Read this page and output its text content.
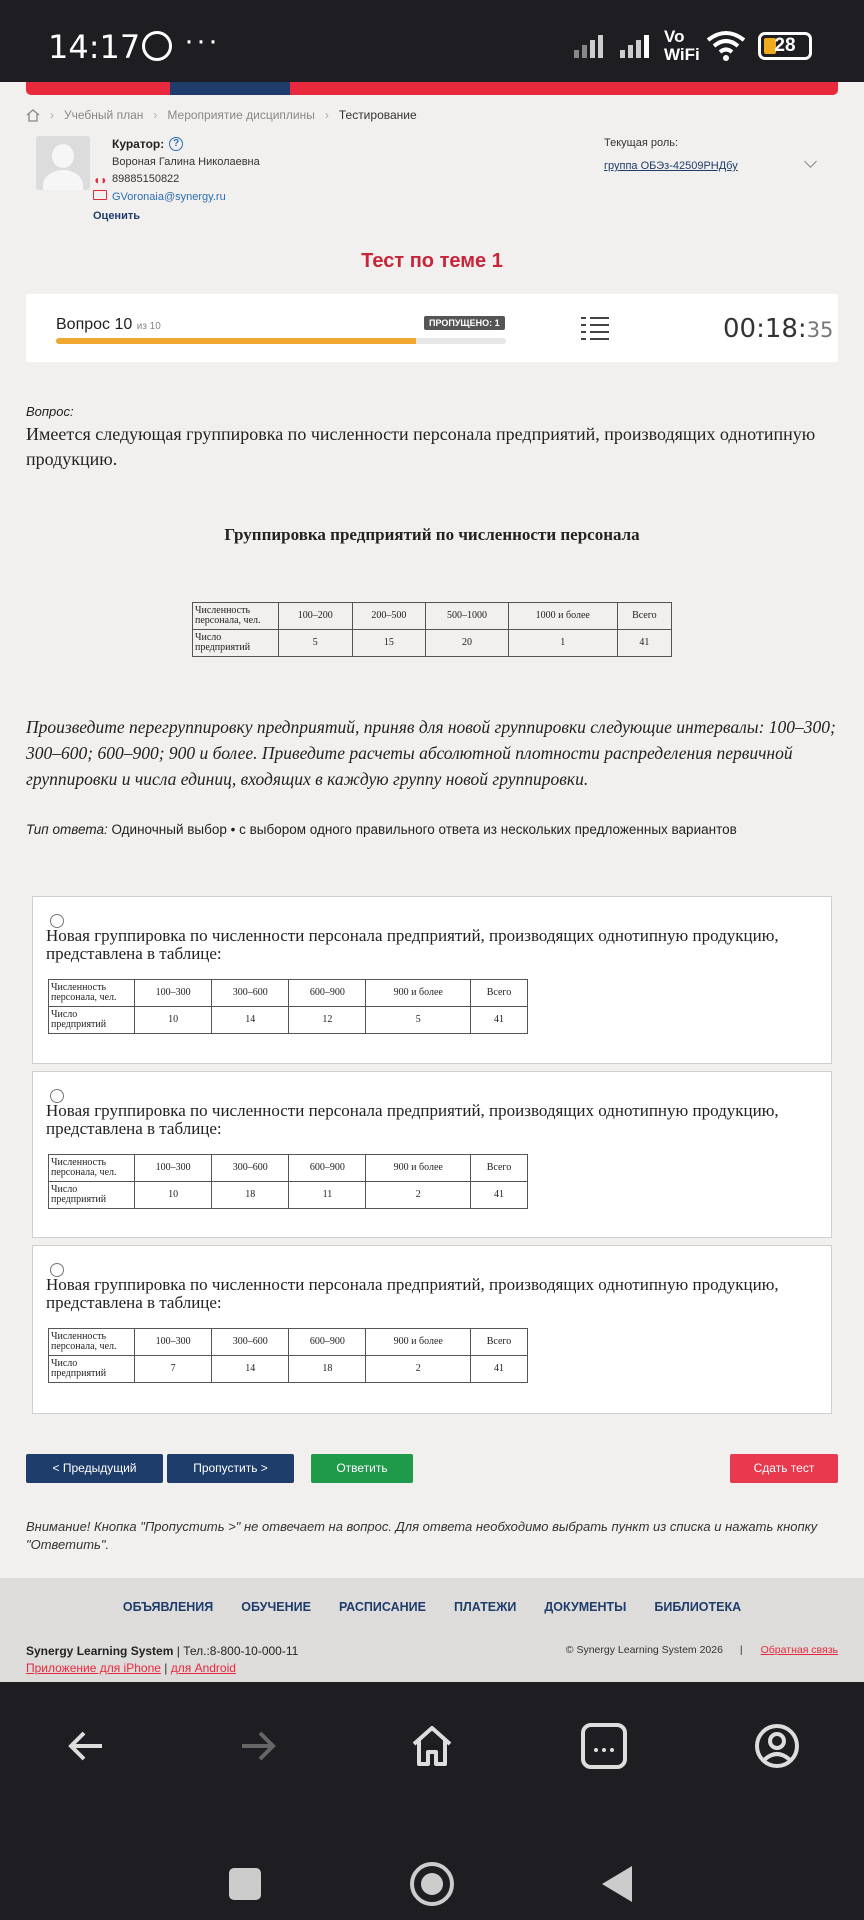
14:17 ···	Vo
WiFi	28
› Учебный план › Мероприятие дисциплины › Тестирование
Куратор: ?
Вороная Галина Николаевна
◖◗ 89885150822
GVoronaia@synergy.ru
Оценить
Текущая роль:
группа ОБЭз-42509РНДбу
Тест по теме 1
Вопрос 10 из 10	ПРОПУЩЕНО: 1	00:18:35
Вопрос:
Имеется следующая группировка по численности персонала предприятий, производящих однотипную продукцию.
Группировка предприятий по численности персонала
Численность персонала, чел.	100–200	200–500	500–1000	1000 и более	Всего
Число предприятий	5	15	20	1	41
Произведите перегруппировку предприятий, приняв для новой группировки следующие интервалы: 100–300; 300–600; 600–900; 900 и более. Приведите расчеты абсолютной плотности распределения первичной группировки и числа единиц, входящих в каждую группу новой группировки.
Тип ответа: Одиночный выбор • с выбором одного правильного ответа из нескольких предложенных вариантов
Новая группировка по численности персонала предприятий, производящих однотипную продукцию, представлена в таблице:
Численность персонала, чел.	100–300	300–600	600–900	900 и более	Всего
Число предприятий	10	14	12	5	41
Новая группировка по численности персонала предприятий, производящих однотипную продукцию, представлена в таблице:
Численность персонала, чел.	100–300	300–600	600–900	900 и более	Всего
Число предприятий	10	18	11	2	41
Новая группировка по численности персонала предприятий, производящих однотипную продукцию, представлена в таблице:
Численность персонала, чел.	100–300	300–600	600–900	900 и более	Всего
Число предприятий	7	14	18	2	41
< Предыдущий	Пропустить >	Ответить	Сдать тест
Внимание! Кнопка "Пропустить >" не отвечает на вопрос. Для ответа необходимо выбрать пункт из списка и нажать кнопку "Ответить".
ОБЪЯВЛЕНИЯ ОБУЧЕНИЕ РАСПИСАНИЕ ПЛАТЕЖИ ДОКУМЕНТЫ БИБЛИОТЕКА
Synergy Learning System | Тел.:8-800-10-000-11
Приложение для iPhone | для Android
© Synergy Learning System 2026 | Обратная связь
